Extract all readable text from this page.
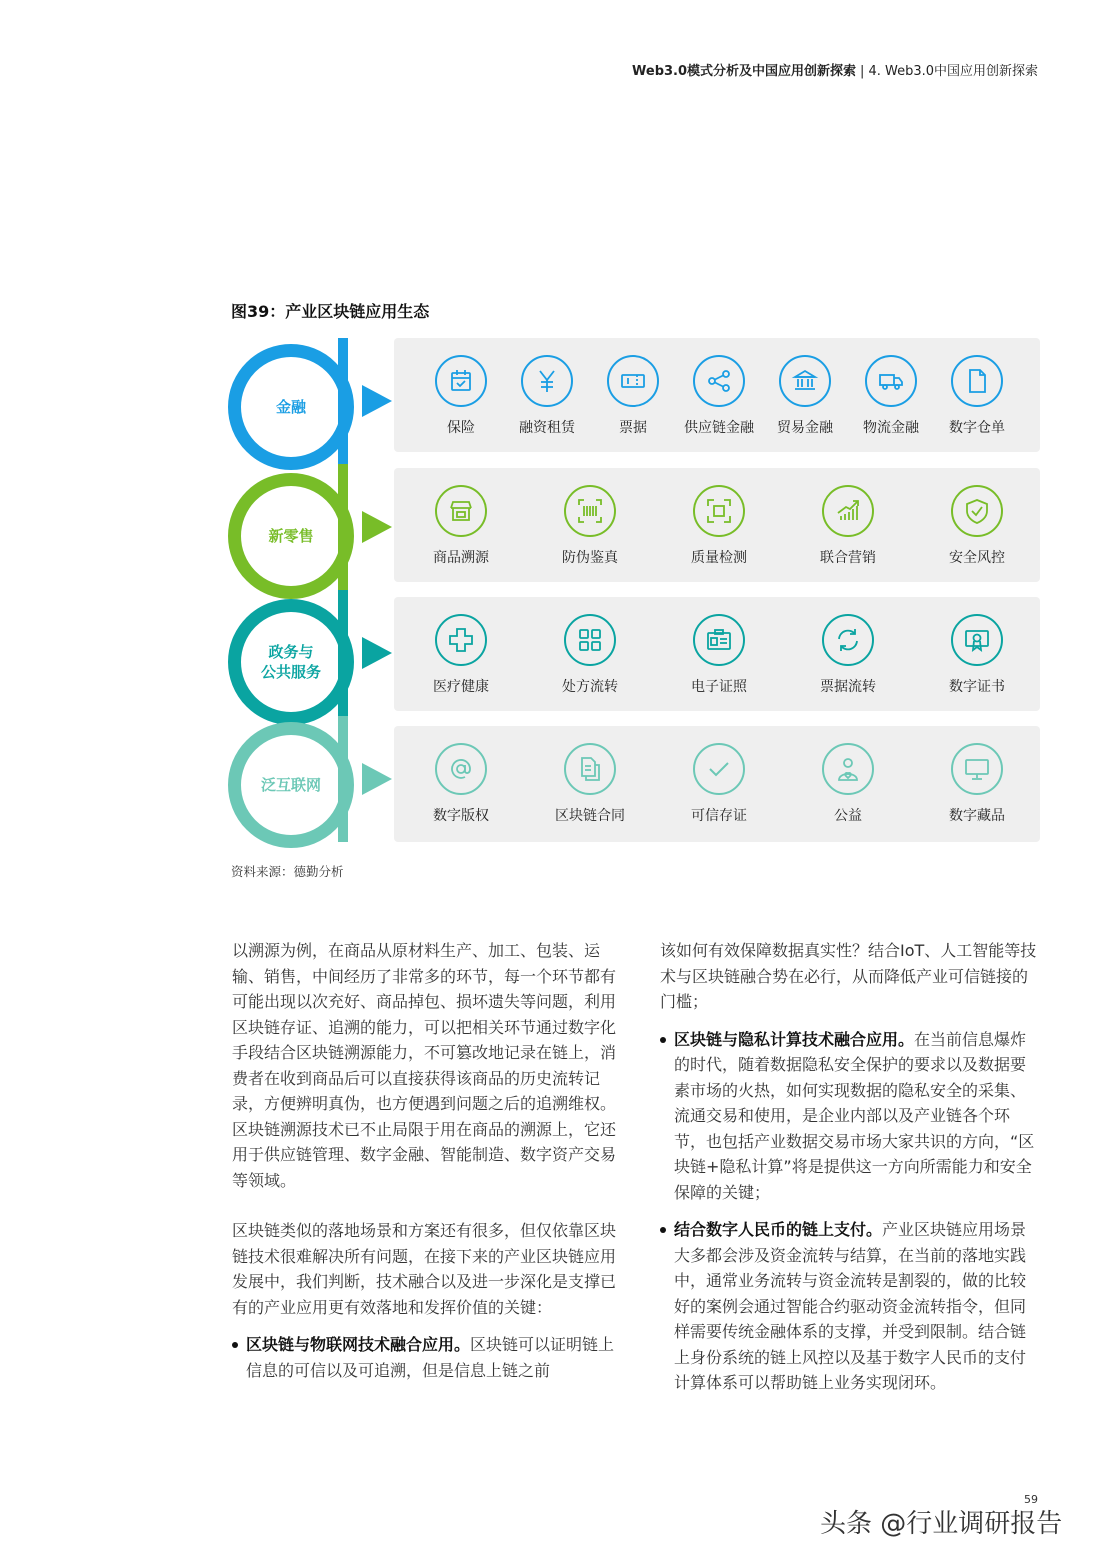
Web3.0模式分析及中国应用创新探索 | 4. Web3.0中国应用创新探索
图39：产业区块链应用生态
金融
保险	融资租赁	票据	供应链金融	贸易金融	物流金融	数字仓单
新零售
商品溯源	防伪鉴真	质量检测	联合营销	安全风控
政务与
公共服务
医疗健康	处方流转	电子证照	票据流转	数字证书
泛互联网
数字版权	区块链合同	可信存证	公益	数字藏品
资料来源：德勤分析

以溯源为例，在商品从原材料生产、加工、包装、运输、销售，中间经历了非常多的环节，每一个环节都有可能出现以次充好、商品掉包、损坏遗失等问题，利用区块链存证、追溯的能力，可以把相关环节通过数字化手段结合区块链溯源能力，不可篡改地记录在链上，消费者在收到商品后可以直接获得该商品的历史流转记录，方便辨明真伪，也方便遇到问题之后的追溯维权。区块链溯源技术已不止局限于用在商品的溯源上，它还用于供应链管理、数字金融、智能制造、数字资产交易等领域。

区块链类似的落地场景和方案还有很多，但仅依靠区块链技术很难解决所有问题，在接下来的产业区块链应用发展中，我们判断，技术融合以及进一步深化是支撑已有的产业应用更有效落地和发挥价值的关键：

区块链与物联网技术融合应用。区块链可以证明链上信息的可信以及可追溯，但是信息上链之前

该如何有效保障数据真实性？结合IoT、人工智能等技术与区块链融合势在必行，从而降低产业可信链接的门槛；

区块链与隐私计算技术融合应用。在当前信息爆炸的时代，随着数据隐私安全保护的要求以及数据要素市场的火热，如何实现数据的隐私安全的采集、流通交易和使用，是企业内部以及产业链各个环节，也包括产业数据交易市场大家共识的方向，“区块链+隐私计算”将是提供这一方向所需能力和安全保障的关键；

结合数字人民币的链上支付。产业区块链应用场景大多都会涉及资金流转与结算，在当前的落地实践中，通常业务流转与资金流转是割裂的，做的比较好的案例会通过智能合约驱动资金流转指令，但同样需要传统金融体系的支撑，并受到限制。结合链上身份系统的链上风控以及基于数字人民币的支付计算体系可以帮助链上业务实现闭环。

59
头条 @行业调研报告
